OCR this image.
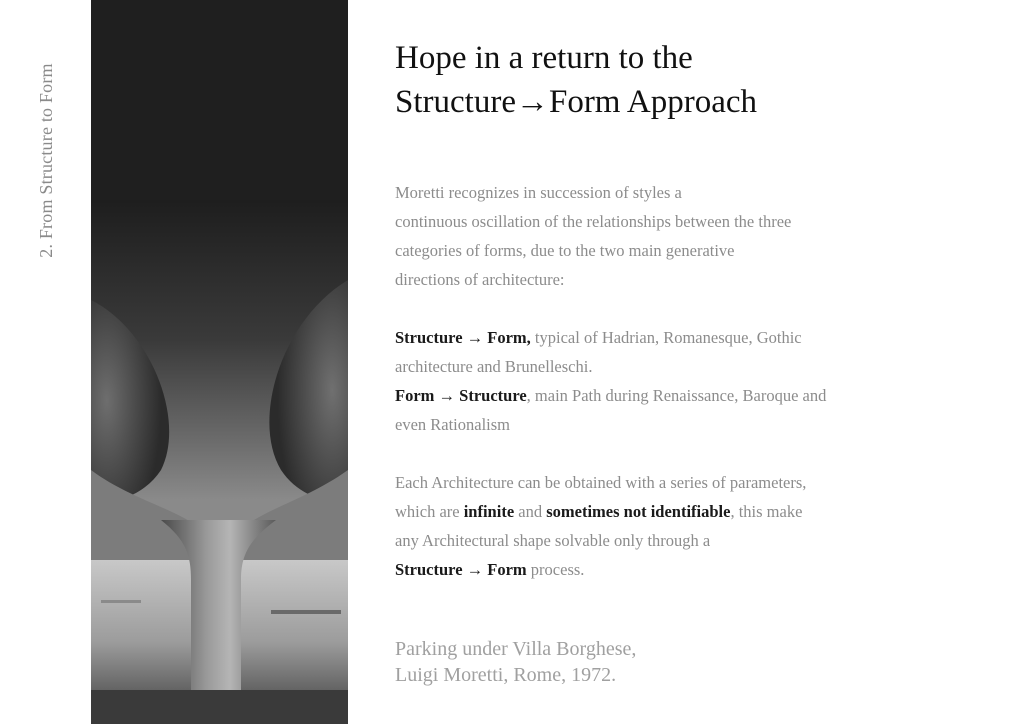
2. From Structure to Form
Hope in a return to the
Structure→Form Approach
Moretti recognizes in succession of styles a
continuous oscillation of the relationships between the three
categories of forms, due to the two main generative
directions of architecture:
Structure → Form, typical of Hadrian, Romanesque, Gothic
architecture and Brunelleschi.
Form → Structure, main Path during Renaissance, Baroque and
even Rationalism
Each Architecture can be obtained with a series of parameters,
which are infinite and sometimes not identifiable, this make
any Architectural shape solvable only through a
Structure → Form process.
Parking under Villa Borghese,
Luigi Moretti, Rome, 1972.
